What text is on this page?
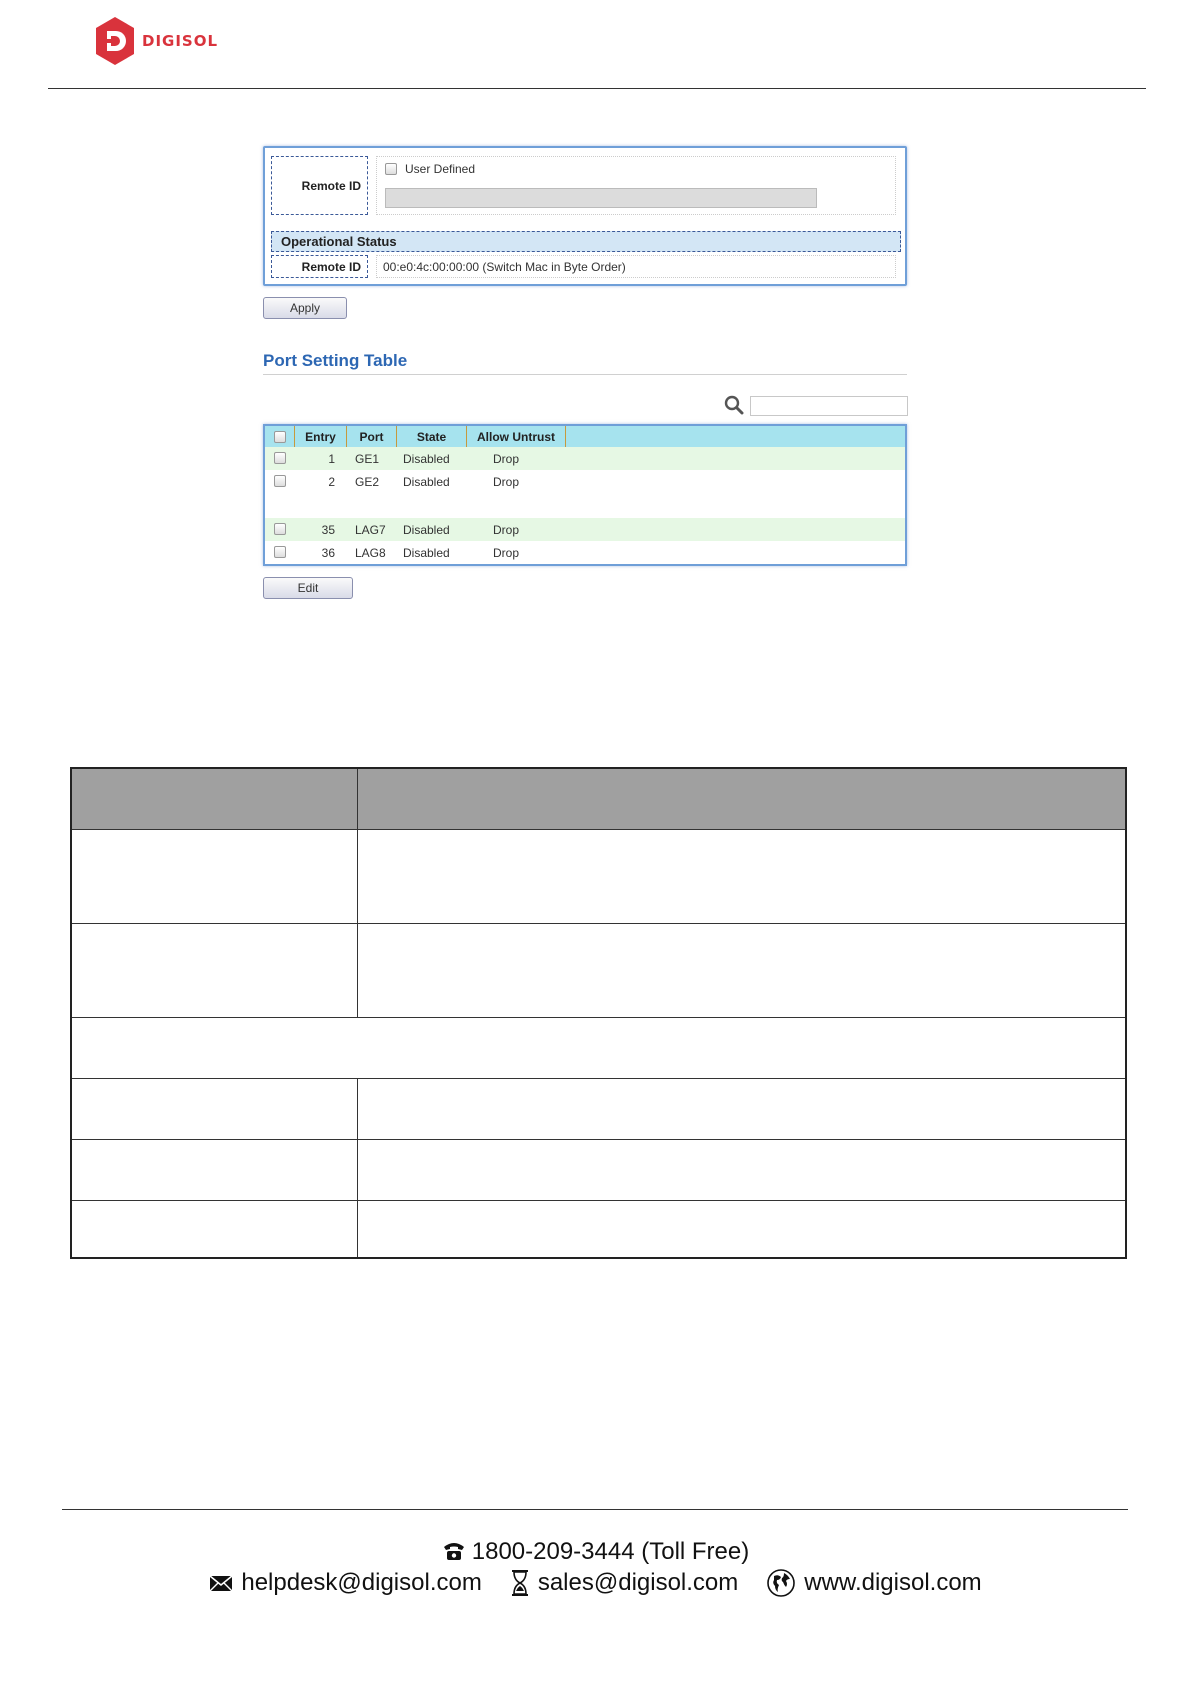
DIGISOL
Remote ID
User Defined
Operational Status
Remote ID	00:e0:4c:00:00:00 (Switch Mac in Byte Order)
Apply
Port Setting Table
Entry	Port	State	Allow Untrust
1 GE1 Disabled	Drop
2 GE2 Disabled	Drop
35 LAG7 Disabled	Drop
36 LAG8 Disabled	Drop
Edit
1800-209-3444 (Toll Free)
helpdesk@digisol.com sales@digisol.com	www.digisol.com
